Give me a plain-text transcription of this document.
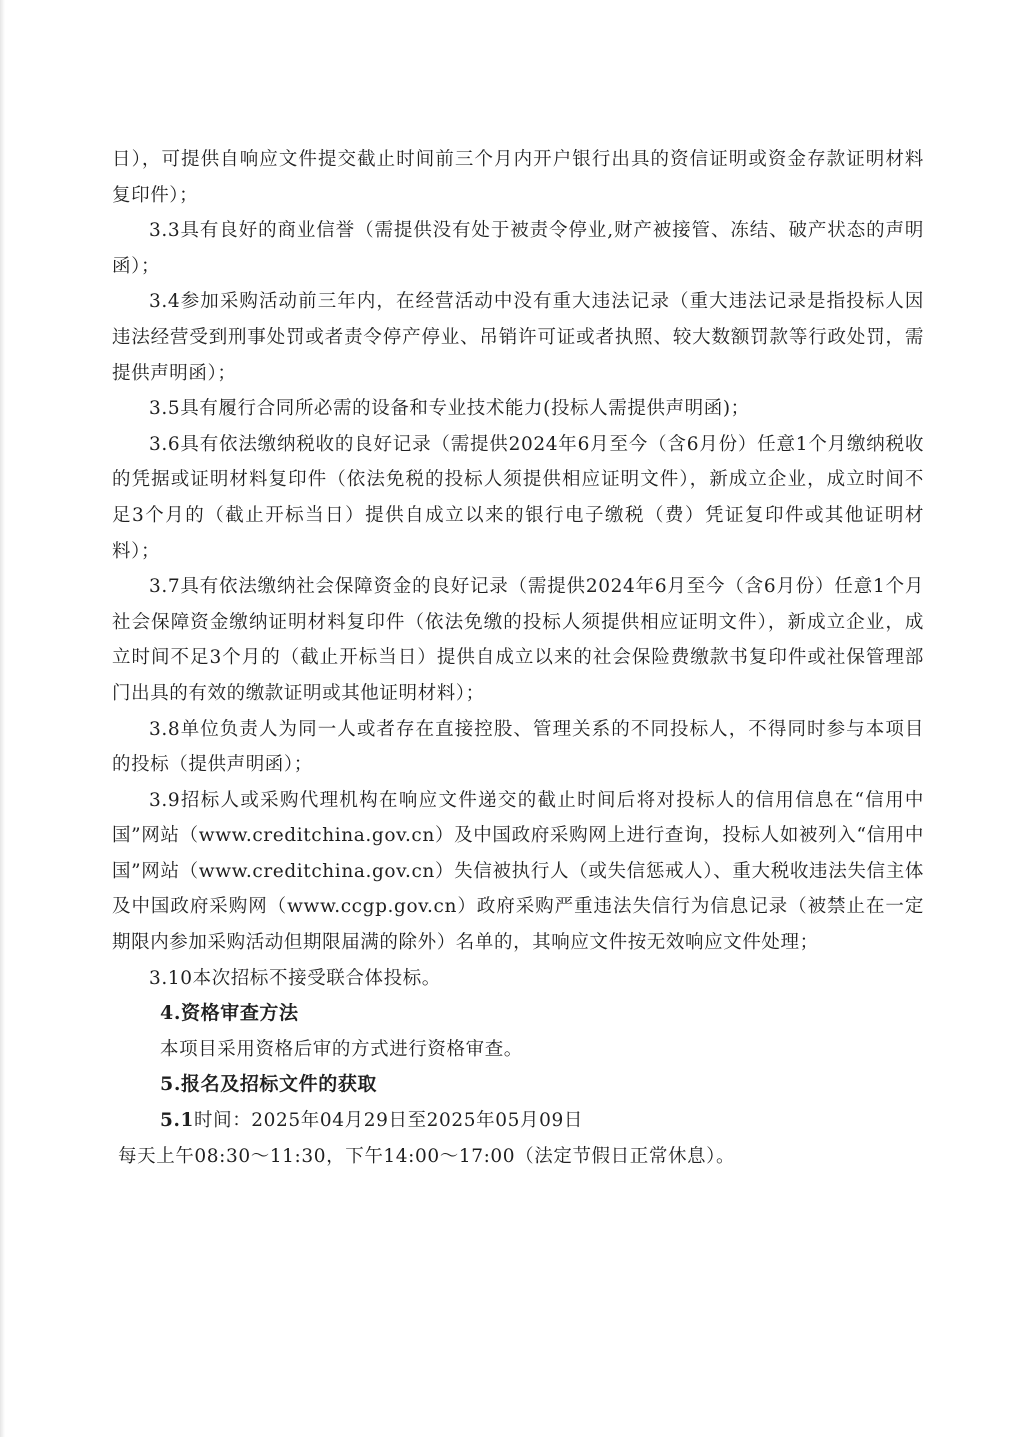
日），可提供自响应文件提交截止时间前三个月内开户银行出具的资信证明或资金存款证明材料复印件）；

3.3具有良好的商业信誉（需提供没有处于被责令停业,财产被接管、冻结、破产状态的声明函）；

3.4参加采购活动前三年内，在经营活动中没有重大违法记录（重大违法记录是指投标人因违法经营受到刑事处罚或者责令停产停业、吊销许可证或者执照、较大数额罚款等行政处罚，需提供声明函）；

3.5具有履行合同所必需的设备和专业技术能力(投标人需提供声明函)；

3.6具有依法缴纳税收的良好记录（需提供2024年6月至今（含6月份）任意1个月缴纳税收的凭据或证明材料复印件（依法免税的投标人须提供相应证明文件），新成立企业，成立时间不足3个月的（截止开标当日）提供自成立以来的银行电子缴税（费）凭证复印件或其他证明材料）；

3.7具有依法缴纳社会保障资金的良好记录（需提供2024年6月至今（含6月份）任意1个月社会保障资金缴纳证明材料复印件（依法免缴的投标人须提供相应证明文件），新成立企业，成立时间不足3个月的（截止开标当日）提供自成立以来的社会保险费缴款书复印件或社保管理部门出具的有效的缴款证明或其他证明材料）；

3.8单位负责人为同一人或者存在直接控股、管理关系的不同投标人，不得同时参与本项目的投标（提供声明函）；

3.9招标人或采购代理机构在响应文件递交的截止时间后将对投标人的信用信息在“信用中国”网站（www.creditchina.gov.cn）及中国政府采购网上进行查询，投标人如被列入“信用中国”网站（www.creditchina.gov.cn）失信被执行人（或失信惩戒人）、重大税收违法失信主体及中国政府采购网（www.ccgp.gov.cn）政府采购严重违法失信行为信息记录（被禁止在一定期限内参加采购活动但期限届满的除外）名单的，其响应文件按无效响应文件处理；

3.10本次招标不接受联合体投标。

4.资格审查方法

本项目采用资格后审的方式进行资格审查。

5.报名及招标文件的获取

5.1时间：2025年04月29日至2025年05月09日

每天上午08:30～11:30，下午14:00～17:00（法定节假日正常休息）。
